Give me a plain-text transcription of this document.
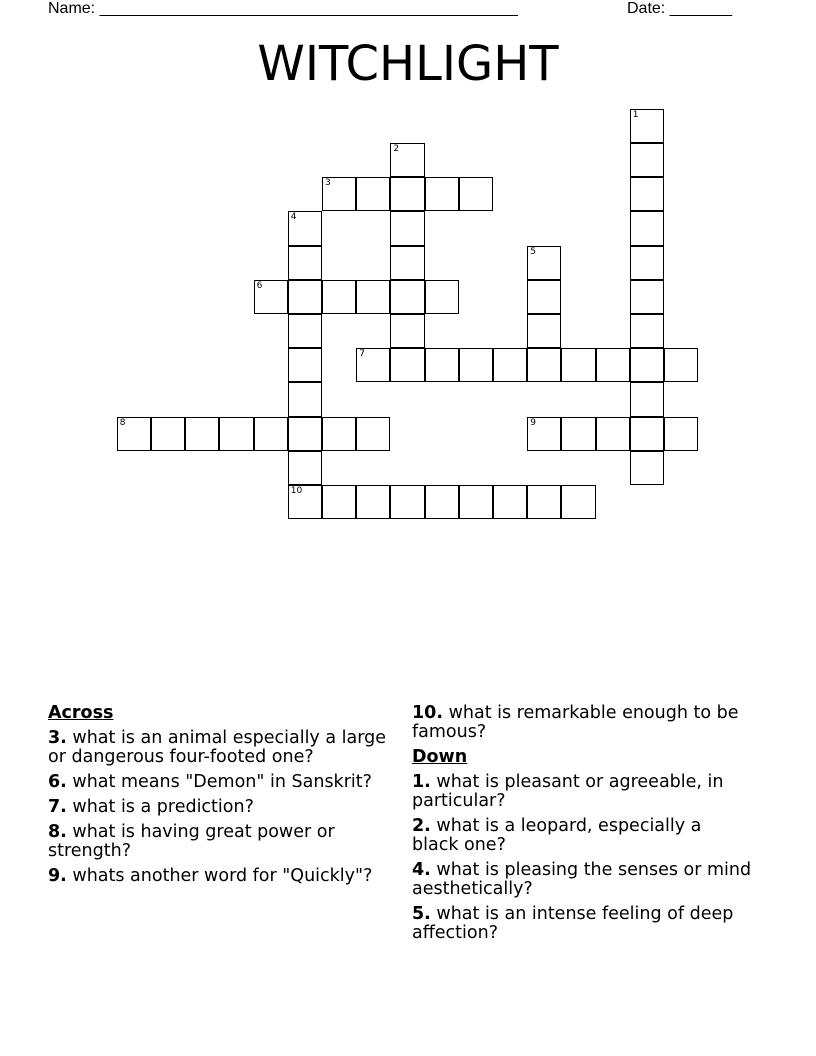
Name: _______________________________________________	Date: _______
WITCHLIGHT
1
2
3
4
10
5
6
7
8	9
Across
3. what is an animal especially a large or dangerous four-footed one?
6. what means "Demon" in Sanskrit?
7. what is a prediction?
8. what is having great power or strength?
9. whats another word for "Quickly"?
10. what is remarkable enough to be famous?
Down
1. what is pleasant or agreeable, in particular?
2. what is a leopard, especially a black one?
4. what is pleasing the senses or mind aesthetically?
5. what is an intense feeling of deep affection?
